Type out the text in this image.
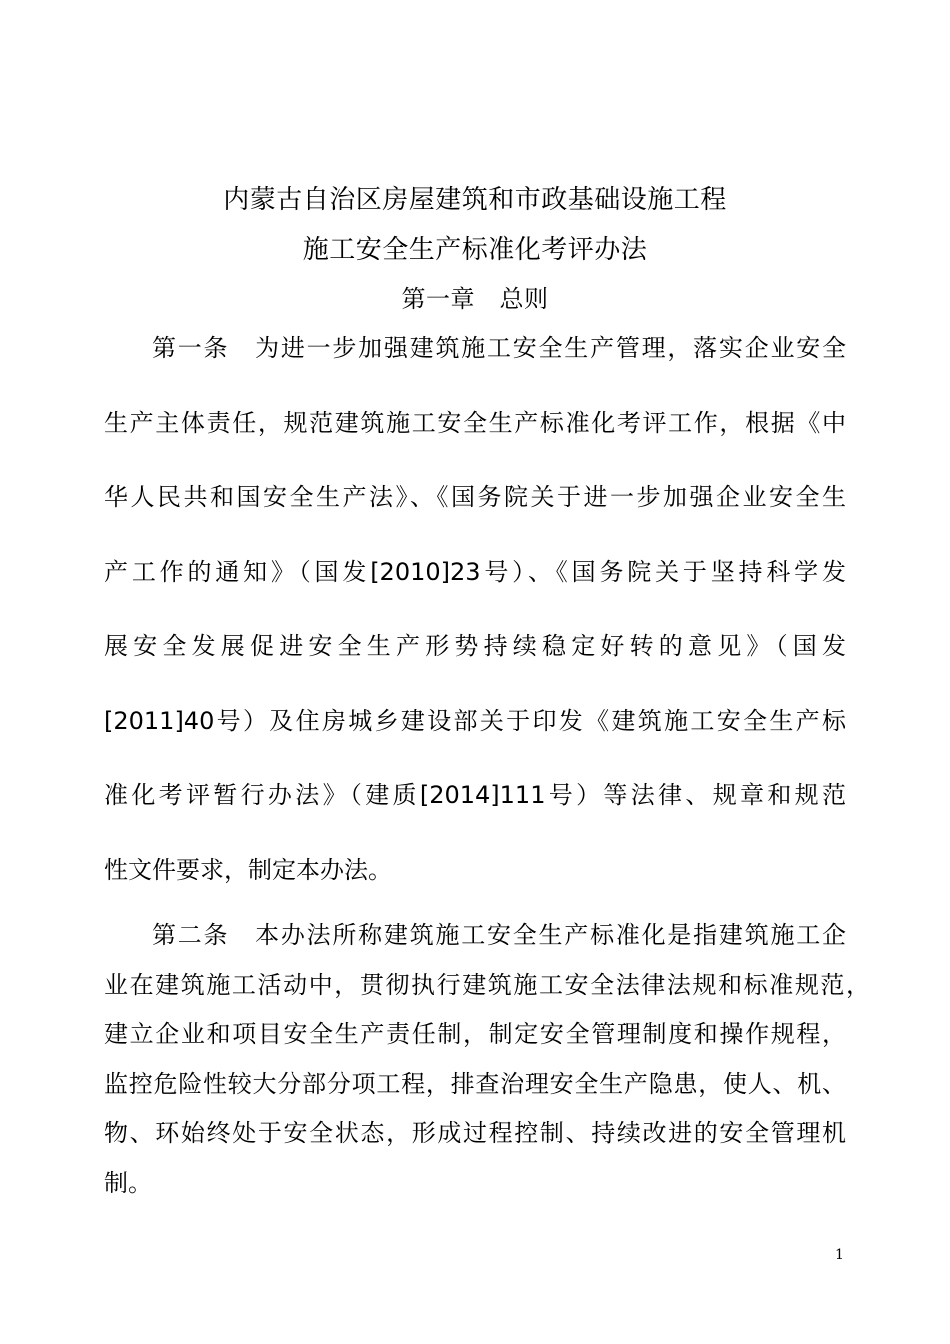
内蒙古自治区房屋建筑和市政基础设施工程
施工安全生产标准化考评办法
第一章　总则
第一条　为进一步加强建筑施工安全生产管理，落实企业安全
生产主体责任，规范建筑施工安全生产标准化考评工作，根据《中
华人民共和国安全生产法》、《国务院关于进一步加强企业安全生
产工作的通知》（国发[2010]23号）、《国务院关于坚持科学发
展安全发展促进安全生产形势持续稳定好转的意见》（国发
[2011]40号）及住房城乡建设部关于印发《建筑施工安全生产标
准化考评暂行办法》（建质[2014]111号）等法律、规章和规范
性文件要求，制定本办法。
第二条　本办法所称建筑施工安全生产标准化是指建筑施工企
业在建筑施工活动中，贯彻执行建筑施工安全法律法规和标准规范，
建立企业和项目安全生产责任制，制定安全管理制度和操作规程，
监控危险性较大分部分项工程，排查治理安全生产隐患，使人、机、
物、环始终处于安全状态，形成过程控制、持续改进的安全管理机
制。
1
